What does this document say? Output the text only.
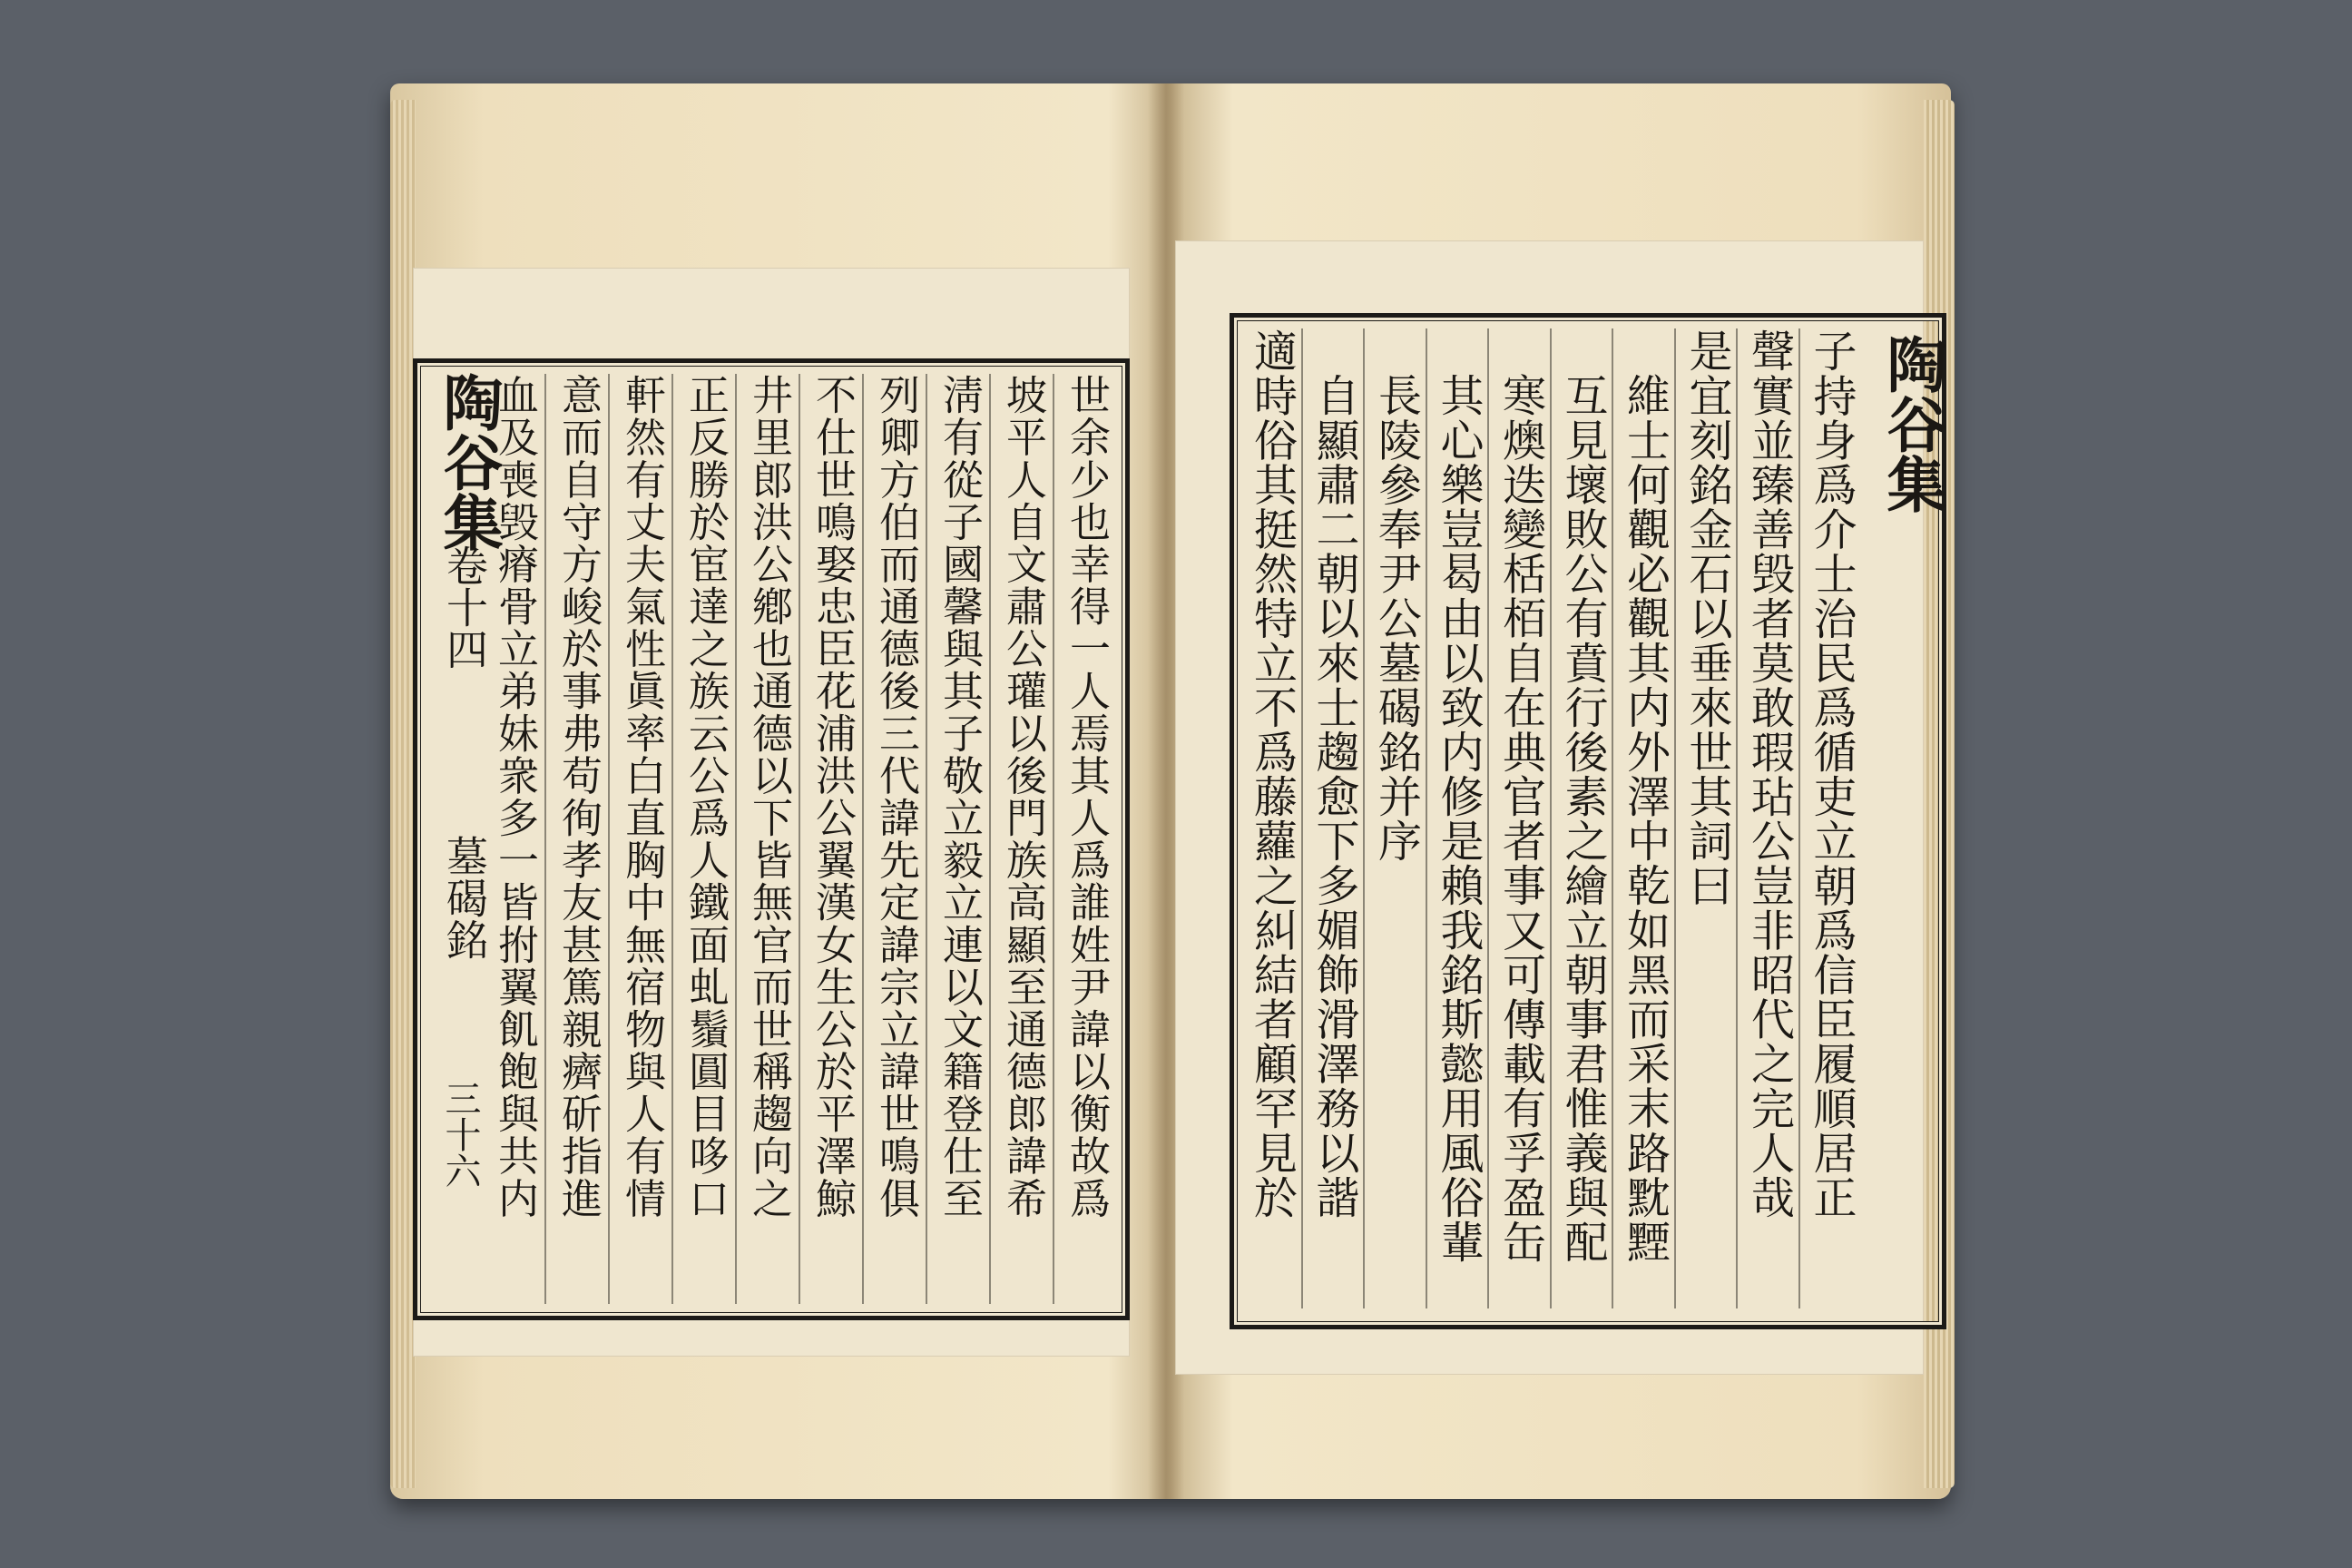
陶谷集
卷十四
墓碣銘
三十六	世余少也幸得一人焉其人爲誰姓尹諱以衡故爲
坡平人自文肅公瓘以後門族高顯至通德郎諱希
淸有從子國馨與其子敬立毅立連以文籍登仕至
列卿方伯而通德後三代諱先定諱宗立諱世鳴俱
不仕世鳴娶忠臣花浦洪公翼漢女生公於平澤鯨
井里郎洪公鄕也通德以下皆無官而世稱趨向之
正反勝於宦達之族云公爲人鐵面虬鬚圓目哆口
軒然有丈夫氣性眞率白直胸中無宿物與人有情
意而自守方峻於事弗苟徇孝友甚篤親癠斫指進
血及喪毁瘠骨立弟妹衆多一皆拊翼飢飽與共内	陶谷集
子持身爲介士治民爲循吏立朝爲信臣履順居正
聲實並臻善毁者莫敢瑕玷公豈非昭代之完人哉
是宜刻銘金石以垂來世其詞曰
維士何觀必觀其内外澤中乾如黑而采末路黕黫
互見壞敗公有賁行後素之繪立朝事君惟義與配
寒燠迭變栝栢自在典官者事又可傳載有孚盈缶
其心樂豈曷由以致内修是賴我銘斯懿用風俗輩
長陵參奉尹公墓碣銘并序
自顯肅二朝以來士趨愈下多媚飾滑澤務以諧
適時俗其挺然特立不爲藤蘿之糾結者顧罕見於
